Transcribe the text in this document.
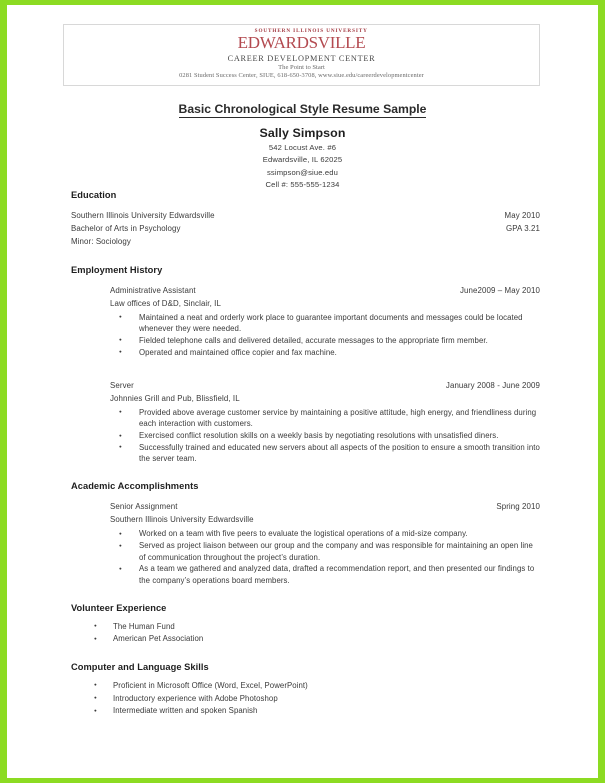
SOUTHERN ILLINOIS UNIVERSITY
EDWARDSVILLE
CAREER DEVELOPMENT CENTER
The Point to Start
0281 Student Success Center, SIUE, 618-650-3708, www.siue.edu/careerdevelopmentcenter
Basic Chronological Style Resume Sample
Sally Simpson
542 Locust Ave. #6
Edwardsville, IL 62025
ssimpson@siue.edu
Cell #: 555-555-1234
Education
Southern Illinois University Edwardsville	May 2010
Bachelor of Arts in Psychology	GPA 3.21
Minor: Sociology
Employment History
Administrative Assistant	June2009 – May 2010
Law offices of D&D, Sinclair, IL
● Maintained a neat and orderly work place to guarantee important documents and messages could be located whenever they were needed.
● Fielded telephone calls and delivered detailed, accurate messages to the appropriate firm member.
● Operated and maintained office copier and fax machine.
Server	January 2008 - June 2009
Johnnies Grill and Pub, Blissfield, IL
● Provided above average customer service by maintaining a positive attitude, high energy, and friendliness during each interaction with customers.
● Exercised conflict resolution skills on a weekly basis by negotiating resolutions with unsatisfied diners.
● Successfully trained and educated new servers about all aspects of the position to ensure a smooth transition into the server team.
Academic Accomplishments
Senior Assignment	Spring 2010
Southern Illinois University Edwardsville
● Worked on a team with five peers to evaluate the logistical operations of a mid-size company.
● Served as project liaison between our group and the company and was responsible for maintaining an open line of communication throughout the project’s duration.
● As a team we gathered and analyzed data, drafted a recommendation report, and then presented our findings to the company’s operations board members.
Volunteer Experience
● The Human Fund
● American Pet Association
Computer and Language Skills
● Proficient in Microsoft Office (Word, Excel, PowerPoint)
● Introductory experience with Adobe Photoshop
● Intermediate written and spoken Spanish
